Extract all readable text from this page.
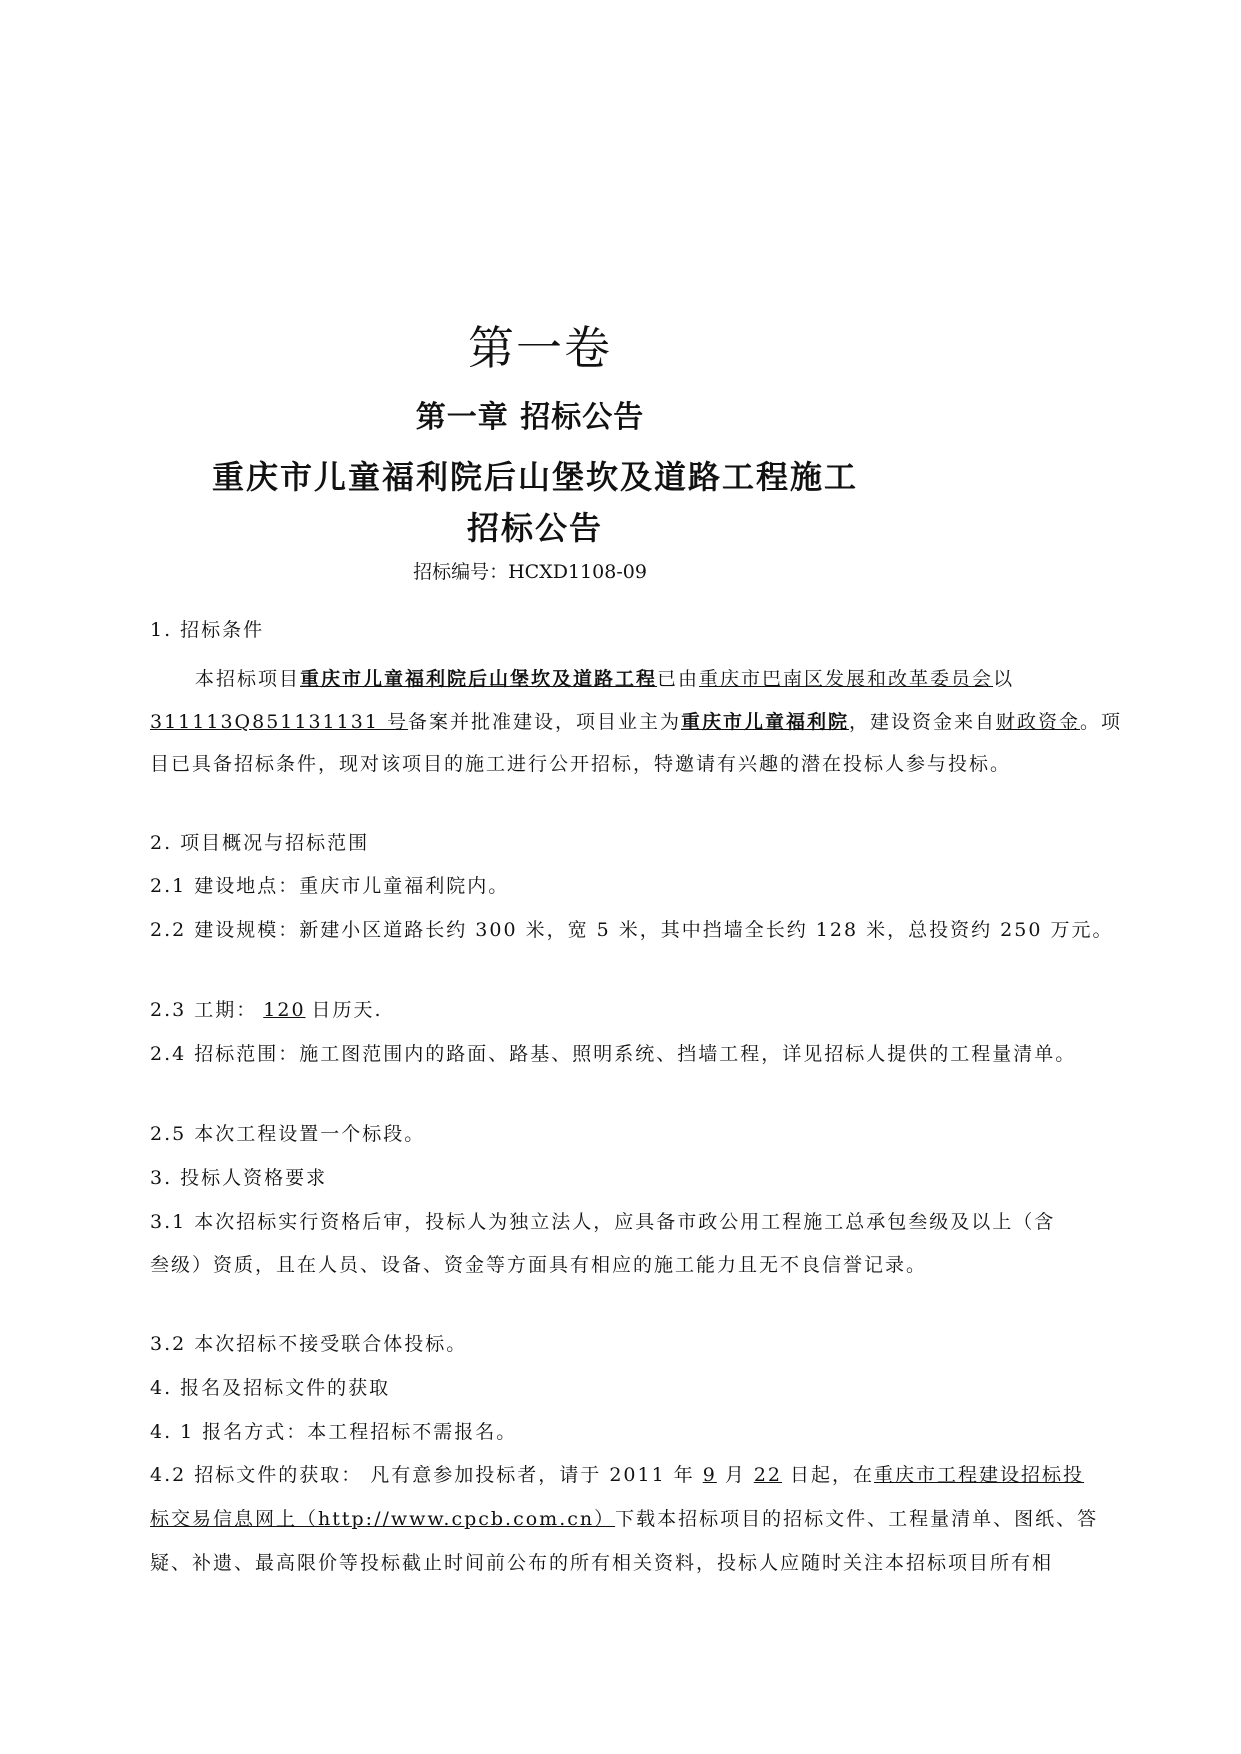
第一卷
第一章 招标公告
重庆市儿童福利院后山堡坎及道路工程施工
招标公告
招标编号：HCXD1108-09
1. 招标条件
本招标项目重庆市儿童福利院后山堡坎及道路工程已由重庆市巴南区发展和改革委员会以
311113Q851131131 号备案并批准建设，项目业主为重庆市儿童福利院，建设资金来自财政资金。项
目已具备招标条件，现对该项目的施工进行公开招标，特邀请有兴趣的潜在投标人参与投标。
2. 项目概况与招标范围
2.1 建设地点：重庆市儿童福利院内。
2.2 建设规模：新建小区道路长约 300 米，宽 5 米，其中挡墙全长约 128 米，总投资约 250 万元。
2.3 工期： 120 日历天.
2.4 招标范围：施工图范围内的路面、路基、照明系统、挡墙工程，详见招标人提供的工程量清单。
2.5 本次工程设置一个标段。
3. 投标人资格要求
3.1 本次招标实行资格后审，投标人为独立法人，应具备市政公用工程施工总承包叁级及以上（含
叁级）资质，且在人员、设备、资金等方面具有相应的施工能力且无不良信誉记录。
3.2 本次招标不接受联合体投标。
4. 报名及招标文件的获取
4. 1 报名方式：本工程招标不需报名。
4.2 招标文件的获取： 凡有意参加投标者，请于 2011 年 9 月 22 日起，在重庆市工程建设招标投
标交易信息网上（http://www.cpcb.com.cn）下载本招标项目的招标文件、工程量清单、图纸、答
疑、补遗、最高限价等投标截止时间前公布的所有相关资料，投标人应随时关注本招标项目所有相
